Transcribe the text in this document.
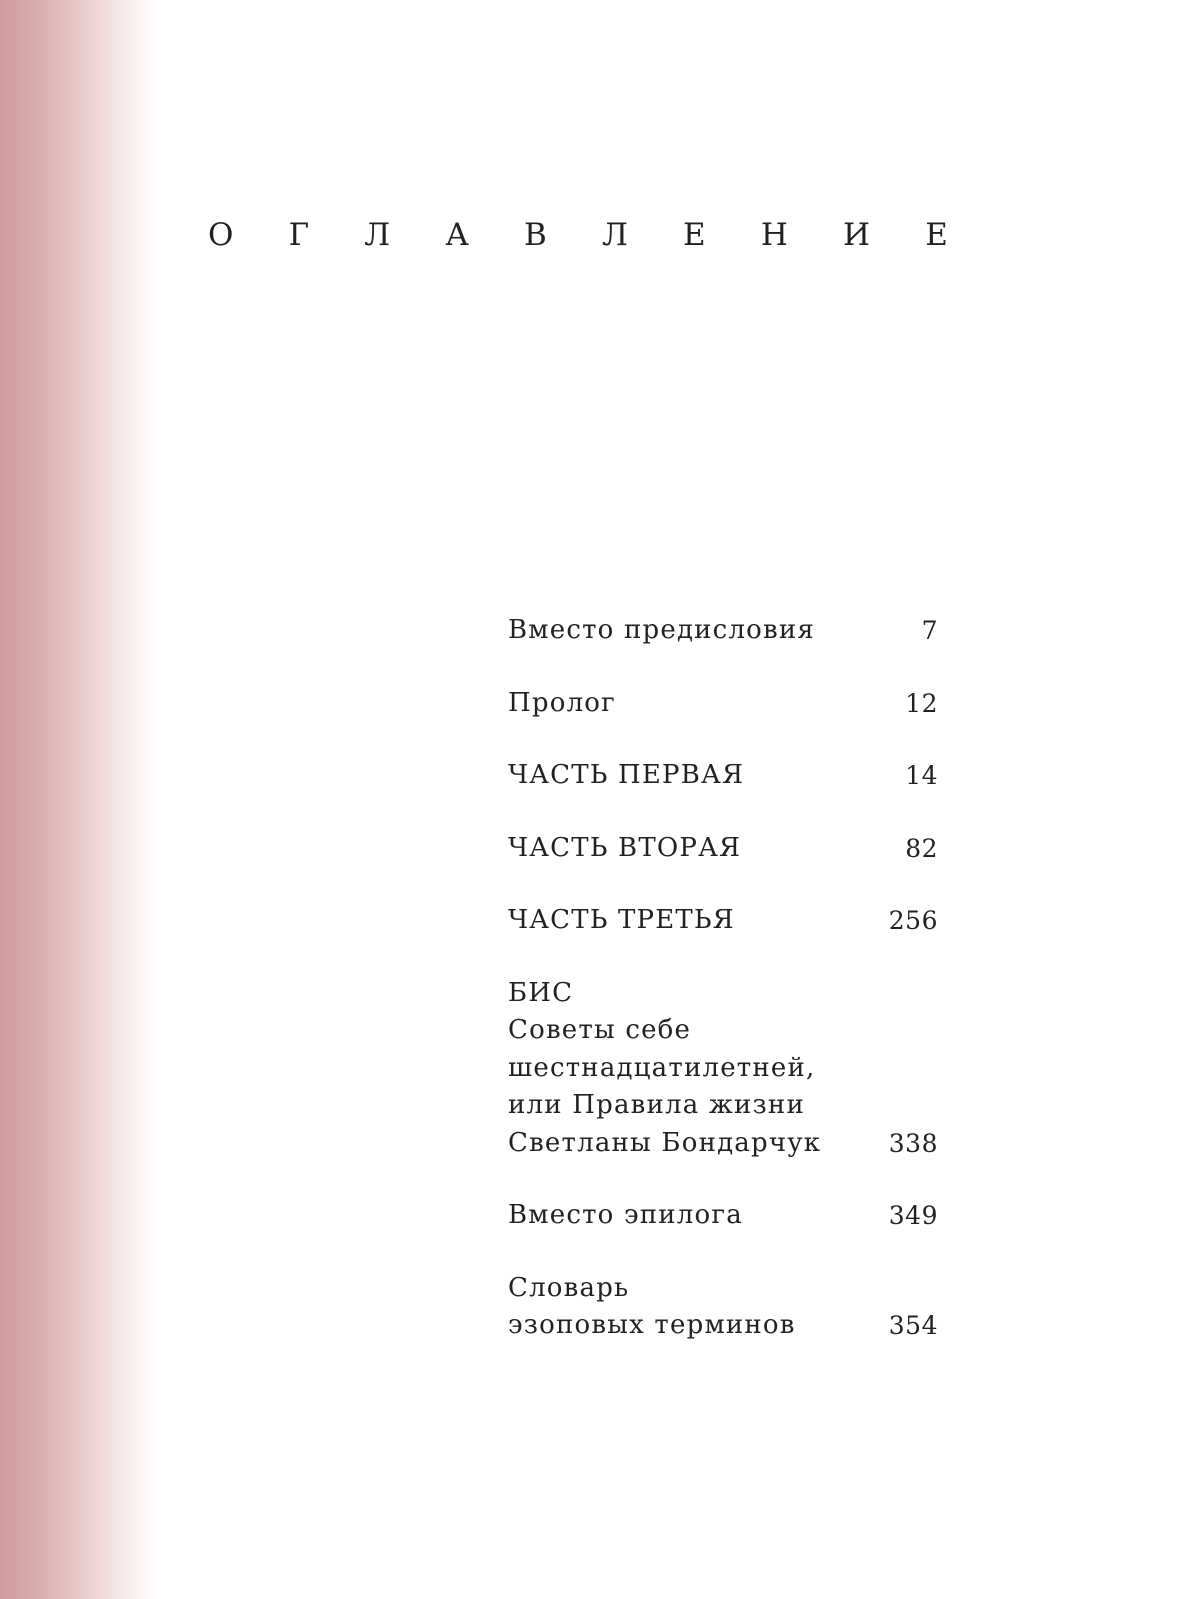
О Г Л А В Л Е Н И Е
Вместо предисловия	7
Пролог	12
ЧАСТЬ ПЕРВАЯ	14
ЧАСТЬ ВТОРАЯ	82
ЧАСТЬ ТРЕТЬЯ	256
БИС
Советы себе
шестнадцатилетней,
или Правила жизни
Светланы Бондарчук	338
Вместо эпилога	349
Словарь
эзоповых терминов	354
